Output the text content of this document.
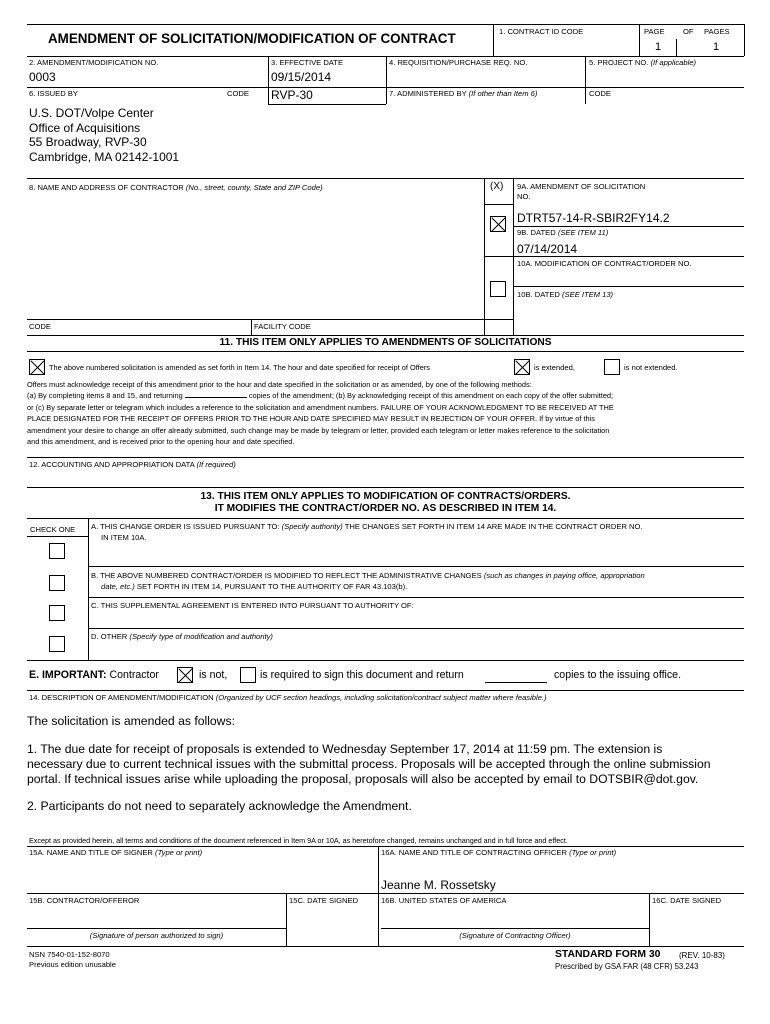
AMENDMENT OF SOLICITATION/MODIFICATION OF CONTRACT	1. CONTRACT ID CODE	PAGE OF PAGES
1	1
2. AMENDMENT/MODIFICATION NO.
0003
3. EFFECTIVE DATE
09/15/2014
4. REQUISITION/PURCHASE REQ. NO.	5. PROJECT NO. (If applicable)
6. ISSUED BY	CODE RVP-30	7. ADMINISTERED BY (If other than Item 6)	CODE
U.S. DOT/Volpe Center
Office of Acquisitions
55 Broadway, RVP-30
Cambridge, MA 02142-1001
8. NAME AND ADDRESS OF CONTRACTOR (No., street, county, State and ZIP Code)	(X) 9A. AMENDMENT OF SOLICITATION
NO.
DTRT57-14-R-SBIR2FY14.2
9B. DATED (SEE ITEM 11)
07/14/2014
10A. MODIFICATION OF CONTRACT/ORDER NO.
10B. DATED (SEE ITEM 13)
CODE	FACILITY CODE
11. THIS ITEM ONLY APPLIES TO AMENDMENTS OF SOLICITATIONS
The above numbered solicitation is amended as set forth in Item 14. The hour and date specified for receipt of Offers	is extended,	is not extended.
Offers must acknowledge receipt of this amendment prior to the hour and date specified in the solicitation or as amended, by one of the following methods:
(a) By completing items 8 and 15, and returning	copies of the amendment; (b) By acknowledging receipt of this amendment on each copy of the offer submitted;
or (c) By separate letter or telegram which includes a reference to the solicitation and amendment numbers. FAILURE OF YOUR ACKNOWLEDGMENT TO BE RECEIVED AT THE
PLACE DESIGNATED FOR THE RECEIPT OF OFFERS PRIOR TO THE HOUR AND DATE SPECIFIED MAY RESULT IN REJECTION OF YOUR OFFER. If by virtue of this
amendment your desire to change an offer already submitted, such change may be made by telegram or letter, provided each telegram or letter makes reference to the solicitation
and this amendment, and is received prior to the opening hour and date specified.
12. ACCOUNTING AND APPROPRIATION DATA (If required)
13. THIS ITEM ONLY APPLIES TO MODIFICATION OF CONTRACTS/ORDERS.
IT MODIFIES THE CONTRACT/ORDER NO. AS DESCRIBED IN ITEM 14.
CHECK ONE A. THIS CHANGE ORDER IS ISSUED PURSUANT TO: (Specify authority) THE CHANGES SET FORTH IN ITEM 14 ARE MADE IN THE CONTRACT ORDER NO.
IN ITEM 10A.
B. THE ABOVE NUMBERED CONTRACT/ORDER IS MODIFIED TO REFLECT THE ADMINISTRATIVE CHANGES (such as changes in paying office, appropriation
date, etc.) SET FORTH IN ITEM 14, PURSUANT TO THE AUTHORITY OF FAR 43.103(b).
C. THIS SUPPLEMENTAL AGREEMENT IS ENTERED INTO PURSUANT TO AUTHORITY OF:
D. OTHER (Specify type of modification and authority)
E. IMPORTANT: Contractor	is not,	is required to sign this document and return	copies to the issuing office.
14. DESCRIPTION OF AMENDMENT/MODIFICATION (Organized by UCF section headings, including solicitation/contract subject matter where feasible.)
The solicitation is amended as follows:
1. The due date for receipt of proposals is extended to Wednesday September 17, 2014 at 11:59 pm. The extension is
necessary due to current technical issues with the submittal process. Proposals will be accepted through the online submission
portal. If technical issues arise while uploading the proposal, proposals will also be accepted by email to DOTSBIR@dot.gov.
2. Participants do not need to separately acknowledge the Amendment.
Except as provided herein, all terms and conditions of the document referenced in Item 9A or 10A, as heretofore changed, remains unchanged and in full force and effect.
15A. NAME AND TITLE OF SIGNER (Type or print)	16A. NAME AND TITLE OF CONTRACTING OFFICER (Type or print)
Jeanne M. Rossetsky
15B. CONTRACTOR/OFFEROR	15C. DATE SIGNED	16B. UNITED STATES OF AMERICA	16C. DATE SIGNED
(Signature of person authorized to sign)	(Signature of Contracting Officer)
NSN 7540-01-152-8070
Previous edition unusable
STANDARD FORM 30 (REV. 10-83)
Prescribed by GSA FAR (48 CFR) 53.243
